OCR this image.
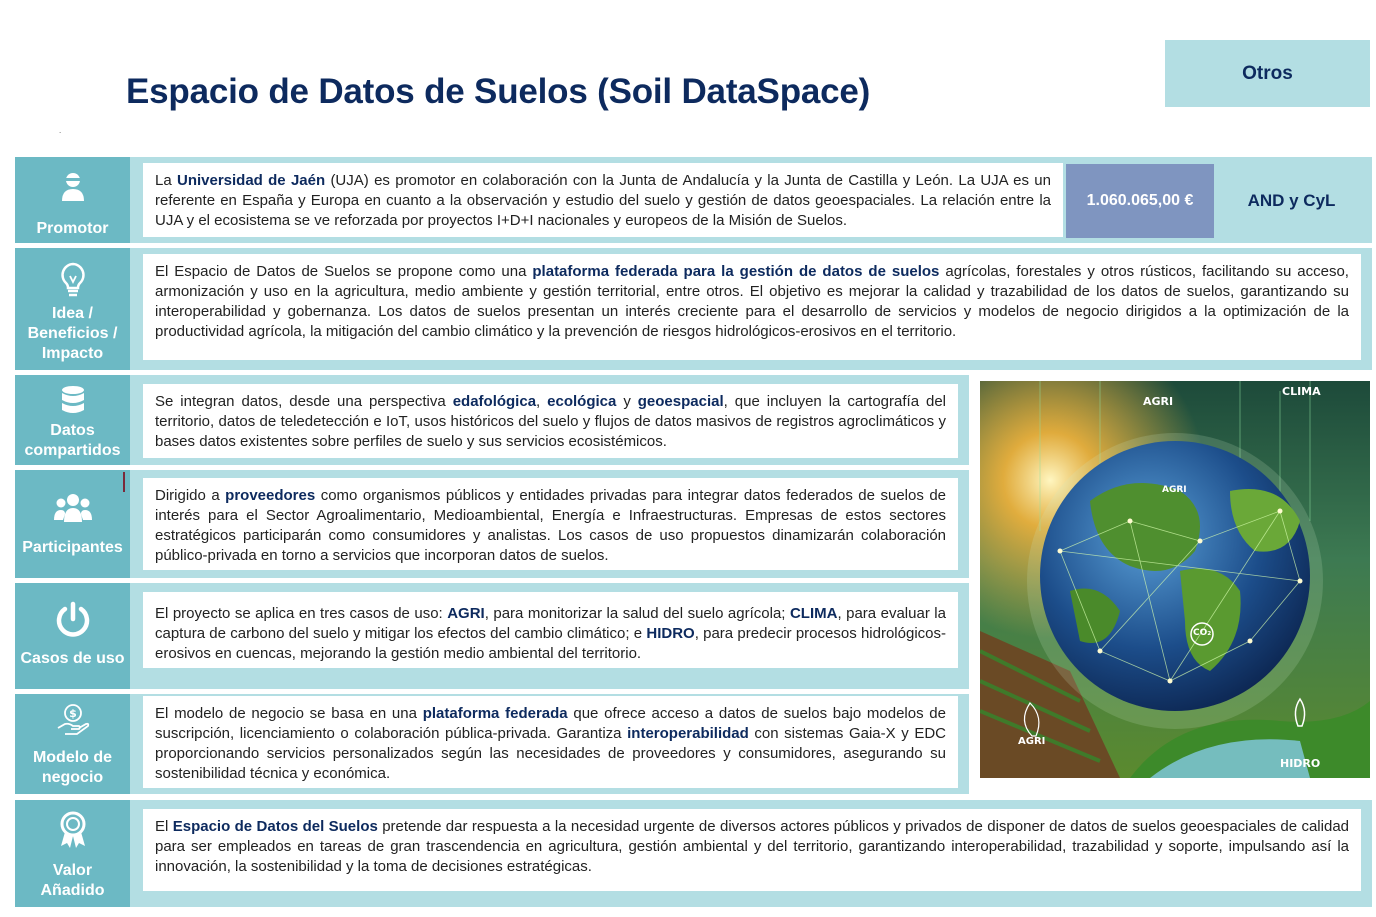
Espacio de Datos de Suelos (Soil DataSpace)
.
Otros
Promotor
La Universidad de Jaén (UJA) es promotor en colaboración con la Junta de Andalucía y la Junta de Castilla y León. La UJA es un referente en España y Europa en cuanto a la observación y estudio del suelo y gestión de datos geoespaciales. La relación entre la UJA y el ecosistema se ve reforzada por proyectos I+D+I nacionales y europeos de la Misión de Suelos.
1.060.065,00 €	AND y CyL
Idea / Beneficios / Impacto
El Espacio de Datos de Suelos se propone como una plataforma federada para la gestión de datos de suelos agrícolas, forestales y otros rústicos, facilitando su acceso, armonización y uso en la agricultura, medio ambiente y gestión territorial, entre otros. El objetivo es mejorar la calidad y trazabilidad de los datos de suelos, garantizando su interoperabilidad y gobernanza. Los datos de suelos presentan un interés creciente para el desarrollo de servicios y modelos de negocio dirigidos a la optimización de la productividad agrícola, la mitigación del cambio climático y la prevención de riesgos hidrológicos-erosivos en el territorio.
Datos compartidos
Se integran datos, desde una perspectiva edafológica, ecológica y geoespacial, que incluyen la cartografía del territorio, datos de teledetección e IoT, usos históricos del suelo y flujos de datos masivos de registros agroclimáticos y bases datos existentes sobre perfiles de suelo y sus servicios ecosistémicos.
Participantes
Dirigido a proveedores como organismos públicos y entidades privadas para integrar datos federados de suelos de interés para el Sector Agroalimentario, Medioambiental, Energía e Infraestructuras. Empresas de estos sectores estratégicos participarán como consumidores y analistas. Los casos de uso propuestos dinamizarán colaboración público-privada en torno a servicios que incorporan datos de suelos.
Casos de uso
El proyecto se aplica en tres casos de uso: AGRI, para monitorizar la salud del suelo agrícola; CLIMA, para evaluar la captura de carbono del suelo y mitigar los efectos del cambio climático; e HIDRO, para predecir procesos hidrológicos-erosivos en cuencas, mejorando la gestión medio ambiental del territorio.
$
Modelo de negocio
El modelo de negocio se basa en una plataforma federada que ofrece acceso a datos de suelos bajo modelos de suscripción, licenciamiento o colaboración pública-privada. Garantiza interoperabilidad con sistemas Gaia-X y EDC proporcionando servicios personalizados según las necesidades de proveedores y consumidores, asegurando su sostenibilidad técnica y económica.
Valor Añadido
El Espacio de Datos del Suelos pretende dar respuesta a la necesidad urgente de diversos actores públicos y privados de disponer de datos de suelos geoespaciales de calidad para ser empleados en tareas de gran trascendencia en agricultura, gestión ambiental y del territorio, garantizando interoperabilidad, trazabilidad y soporte, impulsando así la innovación, la sostenibilidad y la toma de decisiones estratégicas.
AGRI
CLIMA
AGRI
CO₂
AGRI
HIDRO
